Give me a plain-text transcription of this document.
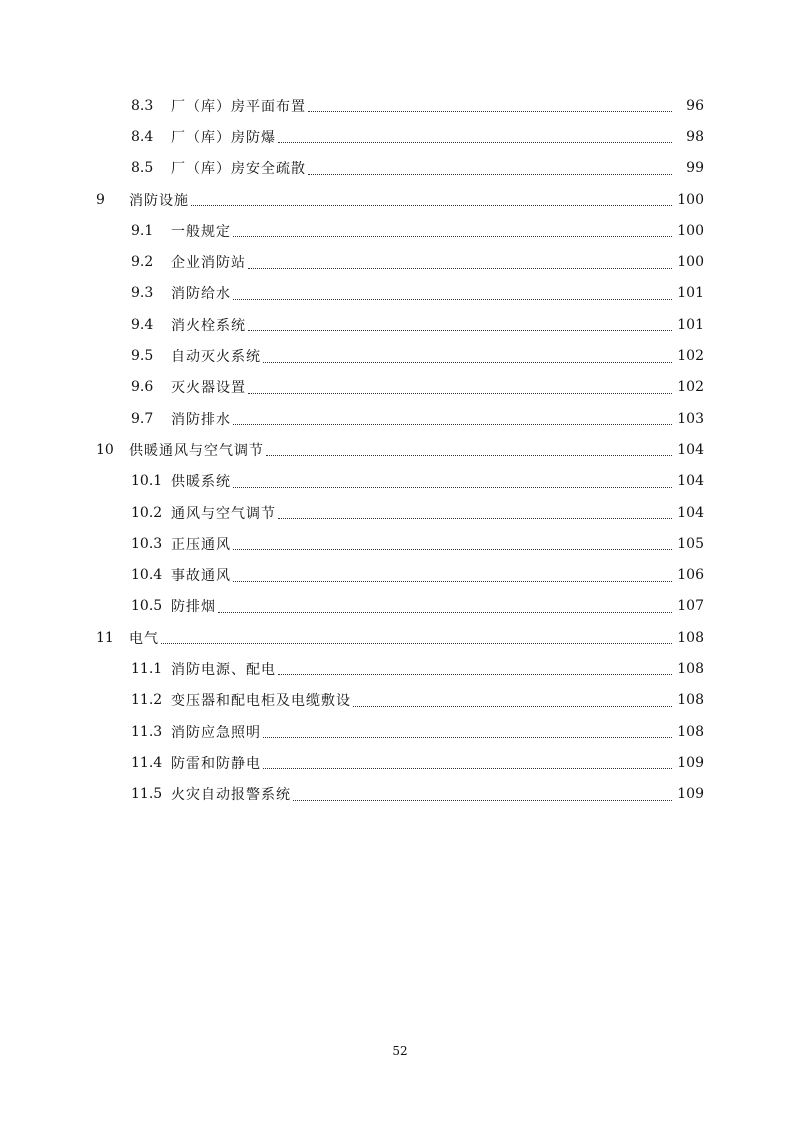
8.3	厂（库）房平面布置	96
8.4	厂（库）房防爆	98
8.5	厂（库）房安全疏散	99
9	消防设施	100
9.1	一般规定	100
9.2	企业消防站	100
9.3	消防给水	101
9.4	消火栓系统	101
9.5	自动灭火系统	102
9.6	灭火器设置	102
9.7	消防排水	103
10	供暖通风与空气调节	104
10.1 供暖系统	104
10.2 通风与空气调节	104
10.3 正压通风	105
10.4 事故通风	106
10.5 防排烟	107
11	电气	108
11.1 消防电源、配电	108
11.2 变压器和配电柜及电缆敷设	108
11.3 消防应急照明	108
11.4 防雷和防静电	109
11.5 火灾自动报警系统	109
52
